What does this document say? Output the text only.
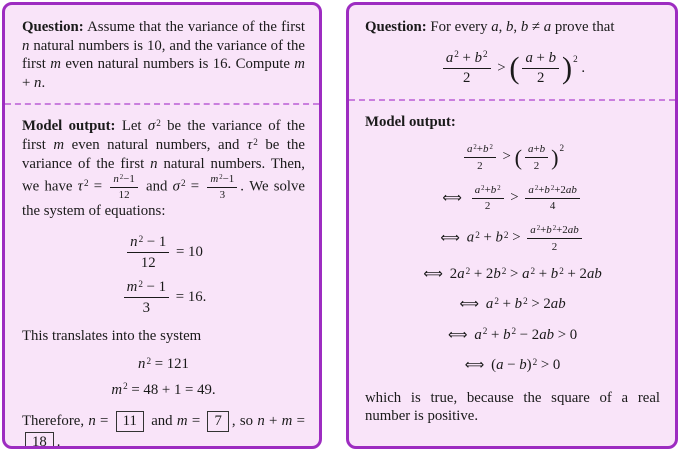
Question: Assume that the variance of the first n natural numbers is 10, and the variance of the first m even natural numbers is 16. Compute m + n.

Model output: Let $\sigma^2$ be the variance of the first m even natural numbers, and $\tau^2$ be the variance of the first n natural numbers. Then, we have $\tau^2 = \frac{n^2-1}{12}$ and $\sigma^2 = \frac{m^2-1}{3}$ . We solve the system of equations:

$\frac{n^2 - 1}{12} = 10$
$\frac{m^2 - 1}{3} = 16$.

This translates into the system

$n^2 = 121$
$m^2 = 48 + 1 = 49$.

Therefore, n = 11 and m = 7 , so n + m = 18 .

Question: For every a, b, b ≠ a prove that

$\frac{a^2 + b^2}{2}$ > ( $\frac{a + b}{2} )^2$ .

Model output:

$\frac{a^2+b^2}{2}$ > ( $\frac{a+b}{2} )^2$
⟺ $\frac{a^2+b^2}{2} > \frac{a^2+b^2+2ab}{4}$
⟺ $a^2 + b^2 > \frac{a^2+b^2+2ab}{2}$
⟺ $2a^2 + 2b^2 > a^2 + b^2 + 2ab$
⟺ $a^2 + b^2 > 2ab$
⟺ $a^2 + b^2 - 2ab > 0$
⟺ $(a - b)^2 > 0$

which is true, because the square of a real number is positive.
